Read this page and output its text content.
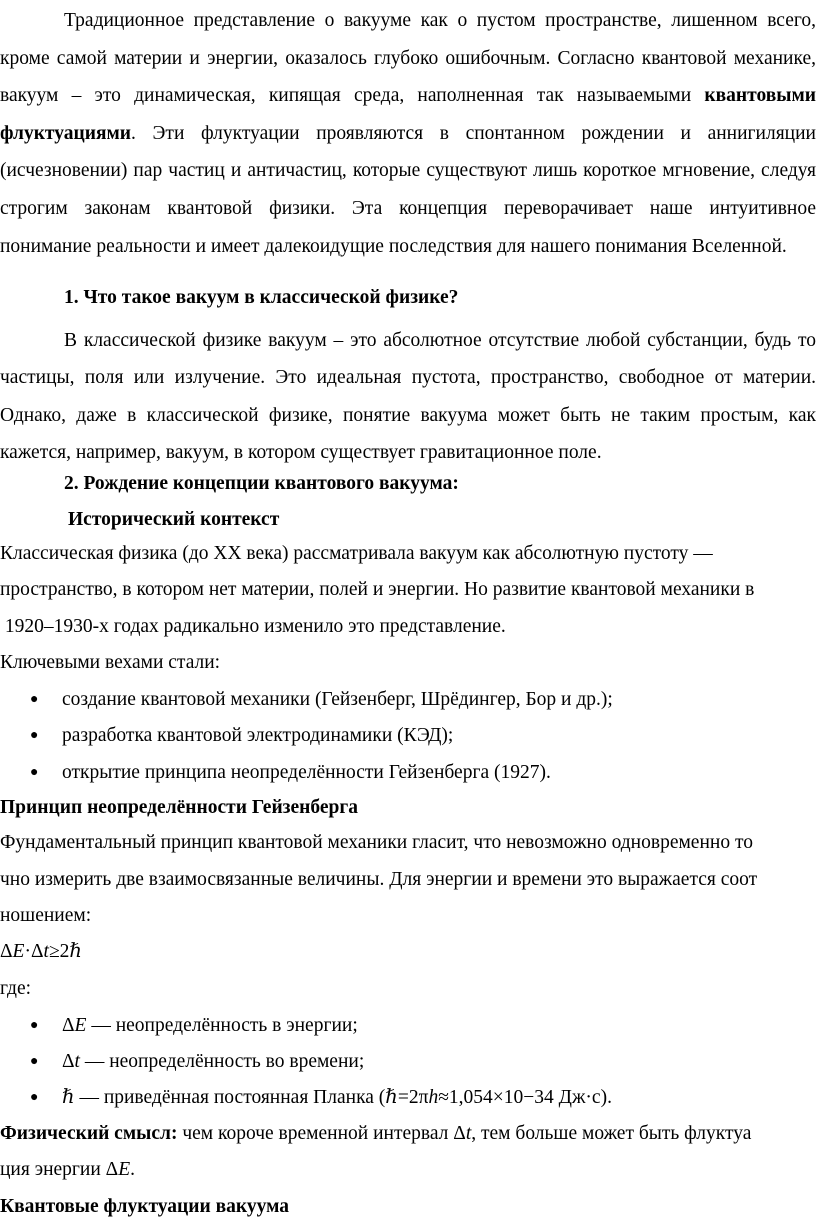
Традиционное представление о вакууме как о пустом пространстве, лишенном всего, кроме самой материи и энергии, оказалось глубоко ошибочным. Согласно квантовой механике, вакуум – это динамическая, кипящая среда, наполненная так называемыми квантовыми флуктуациями. Эти флуктуации проявляются в спонтанном рождении и аннигиляции (исчезновении) пар частиц и античастиц, которые существуют лишь короткое мгновение, следуя строгим законам квантовой физики. Эта концепция переворачивает наше интуитивное понимание реальности и имеет далекоидущие последствия для нашего понимания Вселенной.
1. Что такое вакуум в классической физике?
В классической физике вакуум – это абсолютное отсутствие любой субстанции, будь то частицы, поля или излучение. Это идеальная пустота, пространство, свободное от материи. Однако, даже в классической физике, понятие вакуума может быть не таким простым, как кажется, например, вакуум, в котором существует гравитационное поле.
2. Рождение концепции квантового вакуума:
Исторический контекст
Классическая физика (до XX века) рассматривала вакуум как абсолютную пустоту —
пространство, в котором нет материи, полей и энергии. Но развитие квантовой механики в
1920–1930-х годах радикально изменило это представление.
Ключевыми вехами стали:
● создание квантовой механики (Гейзенберг, Шрёдингер, Бор и др.);
● разработка квантовой электродинамики (КЭД);
● открытие принципа неопределённости Гейзенберга (1927).
Принцип неопределённости Гейзенберга
Фундаментальный принцип квантовой механики гласит, что невозможно одновременно то
чно измерить две взаимосвязанные величины. Для энергии и времени это выражается соот
ношением:
ΔE·Δt≥2ℏ
где:
● ΔE — неопределённость в энергии;
● Δt — неопределённость во времени;
● ℏ — приведённая постоянная Планка (ℏ=2πh≈1,054×10−34 Дж·с).
Физический смысл: чем короче временной интервал Δt, тем больше может быть флуктуа
ция энергии ΔE.
Квантовые флуктуации вакуума
